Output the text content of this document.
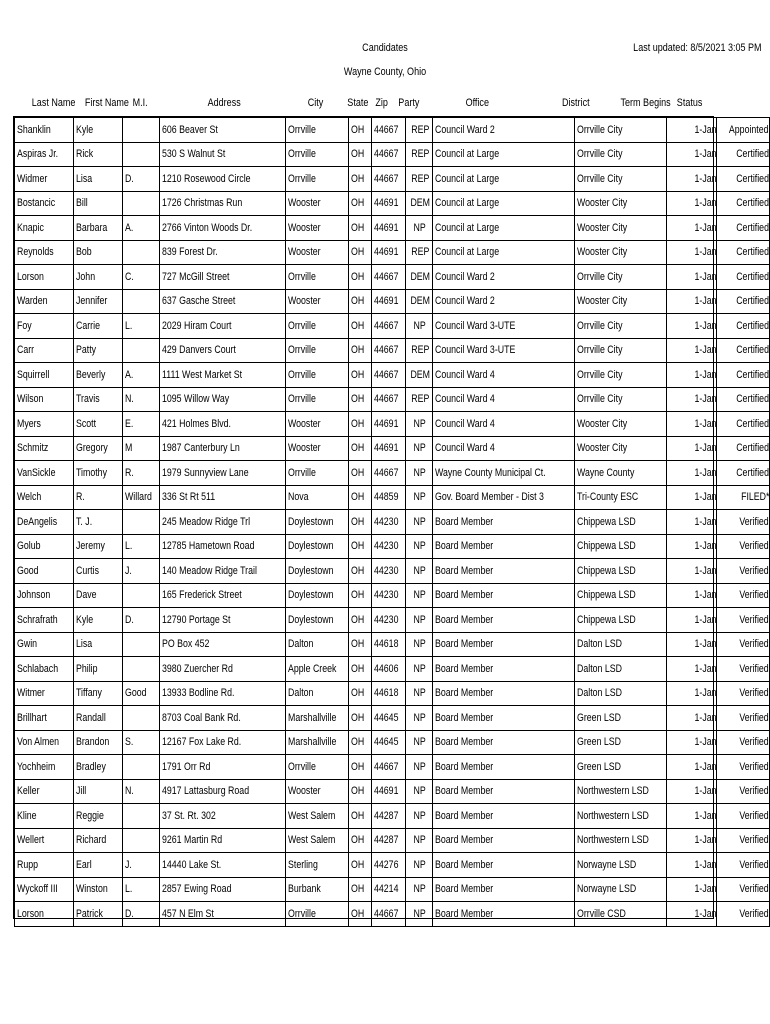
Candidates
Wayne County, Ohio
Last updated: 8/5/2021 3:05 PM
Last Name First Name M.I.	Address	City State Zip Party	Office	District	Term Begins Status
Shanklin	Kyle		606 Beaver St	Orrville	OH	44667	REP	Council Ward 2	Orrville City	1-Jan	Appointed
Aspiras Jr.	Rick		530 S Walnut St	Orrville	OH	44667	REP	Council at Large	Orrville City	1-Jan	Certified
Widmer	Lisa	D.	1210 Rosewood Circle	Orrville	OH	44667	REP	Council at Large	Orrville City	1-Jan	Certified
Bostancic	Bill		1726 Christmas Run	Wooster	OH	44691	DEM	Council at Large	Wooster City	1-Jan	Certified
Knapic	Barbara	A.	2766 Vinton Woods Dr.	Wooster	OH	44691	NP	Council at Large	Wooster City	1-Jan	Certified
Reynolds	Bob		839 Forest Dr.	Wooster	OH	44691	REP	Council at Large	Wooster City	1-Jan	Certified
Lorson	John	C.	727 McGill Street	Orrville	OH	44667	DEM	Council Ward 2	Orrville City	1-Jan	Certified
Warden	Jennifer		637 Gasche Street	Wooster	OH	44691	DEM	Council Ward 2	Wooster City	1-Jan	Certified
Foy	Carrie	L.	2029 Hiram Court	Orrville	OH	44667	NP	Council Ward 3-UTE	Orrville City	1-Jan	Certified
Carr	Patty		429 Danvers Court	Orrville	OH	44667	REP	Council Ward 3-UTE	Orrville City	1-Jan	Certified
Squirrell	Beverly	A.	1111 West Market St	Orrville	OH	44667	DEM	Council Ward 4	Orrville City	1-Jan	Certified
Wilson	Travis	N.	1095 Willow Way	Orrville	OH	44667	REP	Council Ward 4	Orrville City	1-Jan	Certified
Myers	Scott	E.	421 Holmes Blvd.	Wooster	OH	44691	NP	Council Ward 4	Wooster City	1-Jan	Certified
Schmitz	Gregory	M	1987 Canterbury Ln	Wooster	OH	44691	NP	Council Ward 4	Wooster City	1-Jan	Certified
VanSickle	Timothy	R.	1979 Sunnyview Lane	Orrville	OH	44667	NP	Wayne County Municipal Ct.	Wayne County	1-Jan	Certified
Welch	R.	Willard	336 St Rt 511	Nova	OH	44859	NP	Gov. Board Member - Dist 3	Tri-County ESC	1-Jan	FILED*
DeAngelis	T. J.		245 Meadow Ridge Trl	Doylestown	OH	44230	NP	Board Member	Chippewa LSD	1-Jan	Verified
Golub	Jeremy	L.	12785 Hametown Road	Doylestown	OH	44230	NP	Board Member	Chippewa LSD	1-Jan	Verified
Good	Curtis	J.	140 Meadow Ridge Trail	Doylestown	OH	44230	NP	Board Member	Chippewa LSD	1-Jan	Verified
Johnson	Dave		165 Frederick Street	Doylestown	OH	44230	NP	Board Member	Chippewa LSD	1-Jan	Verified
Schrafrath	Kyle	D.	12790 Portage St	Doylestown	OH	44230	NP	Board Member	Chippewa LSD	1-Jan	Verified
Gwin	Lisa		PO Box 452	Dalton	OH	44618	NP	Board Member	Dalton LSD	1-Jan	Verified
Schlabach	Philip		3980 Zuercher Rd	Apple Creek	OH	44606	NP	Board Member	Dalton LSD	1-Jan	Verified
Witmer	Tiffany	Good	13933 Bodline Rd.	Dalton	OH	44618	NP	Board Member	Dalton LSD	1-Jan	Verified
Brillhart	Randall		8703 Coal Bank Rd.	Marshallville	OH	44645	NP	Board Member	Green LSD	1-Jan	Verified
Von Almen	Brandon	S.	12167 Fox Lake Rd.	Marshallville	OH	44645	NP	Board Member	Green LSD	1-Jan	Verified
Yochheim	Bradley		1791 Orr Rd	Orrville	OH	44667	NP	Board Member	Green LSD	1-Jan	Verified
Keller	Jill	N.	4917 Lattasburg Road	Wooster	OH	44691	NP	Board Member	Northwestern LSD	1-Jan	Verified
Kline	Reggie		37 St. Rt. 302	West Salem	OH	44287	NP	Board Member	Northwestern LSD	1-Jan	Verified
Wellert	Richard		9261 Martin Rd	West Salem	OH	44287	NP	Board Member	Northwestern LSD	1-Jan	Verified
Rupp	Earl	J.	14440 Lake St.	Sterling	OH	44276	NP	Board Member	Norwayne LSD	1-Jan	Verified
Wyckoff III	Winston	L.	2857 Ewing Road	Burbank	OH	44214	NP	Board Member	Norwayne LSD	1-Jan	Verified
Lorson	Patrick	D.	457 N Elm St	Orrville	OH	44667	NP	Board Member	Orrville CSD	1-Jan	Verified
